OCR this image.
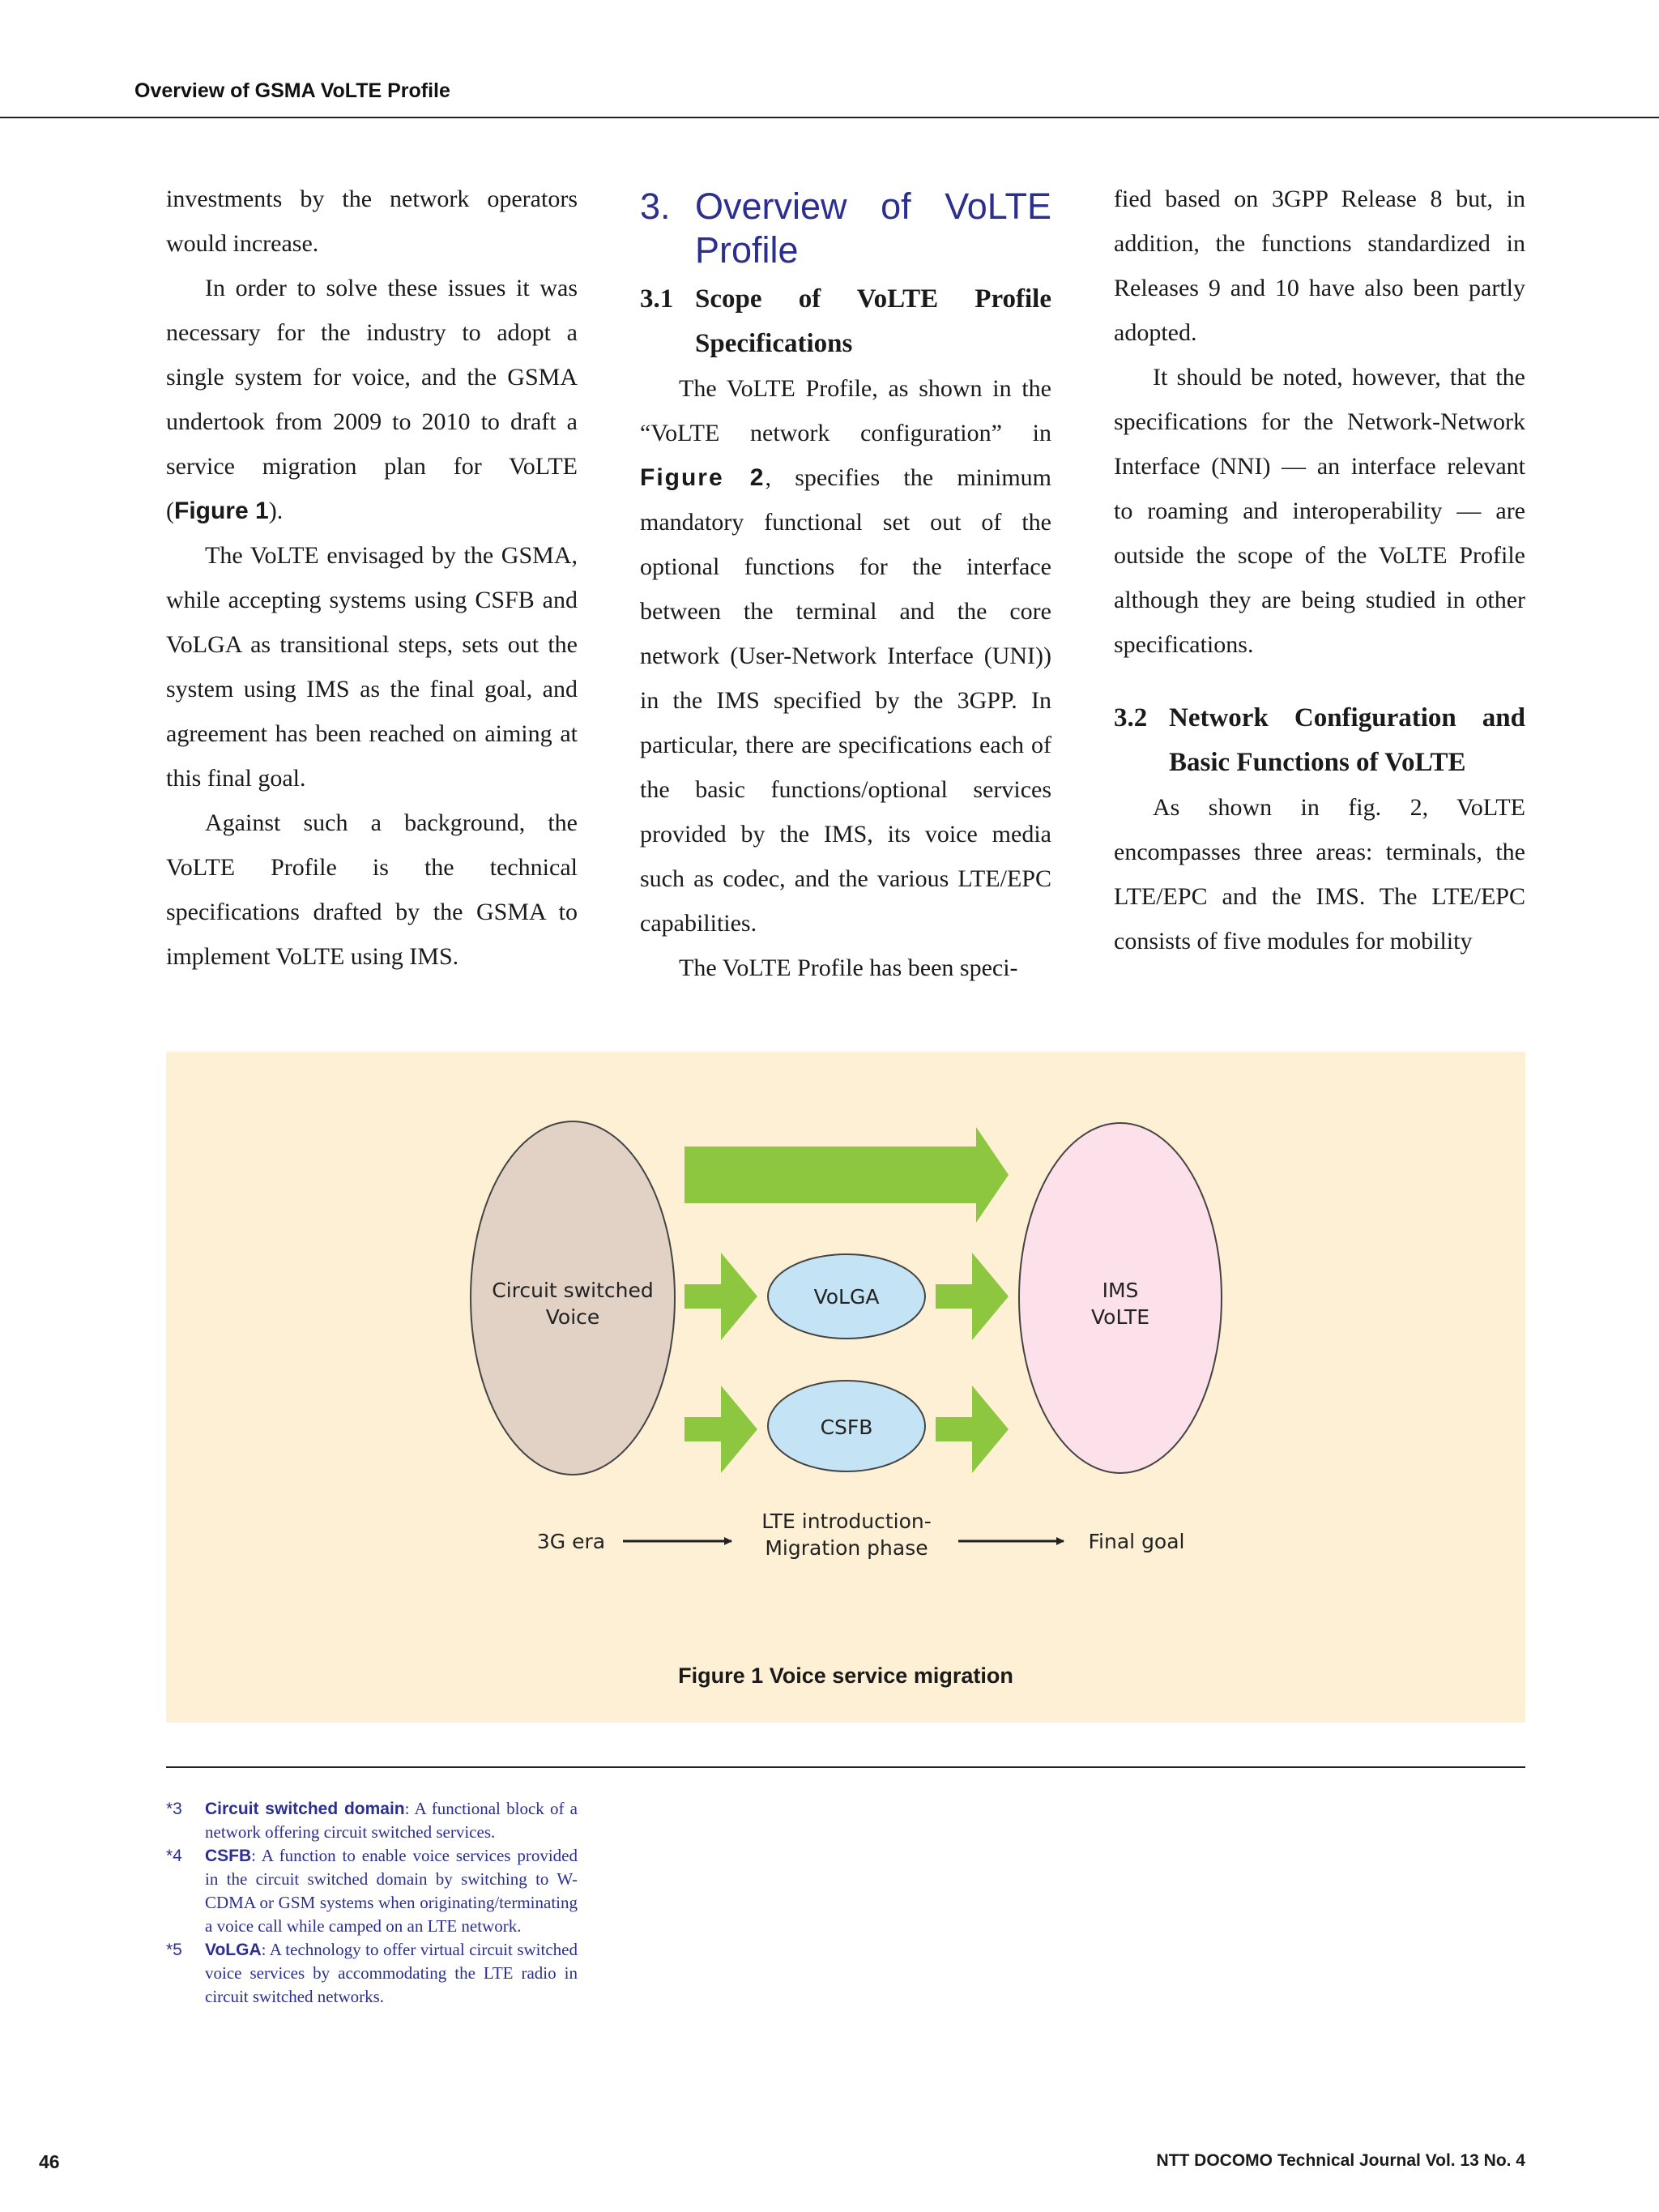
Overview of GSMA VoLTE Profile

investments by the network operators would increase.

In order to solve these issues it was necessary for the industry to adopt a single system for voice, and the GSMA undertook from 2009 to 2010 to draft a service migration plan for VoLTE (Figure 1).

The VoLTE envisaged by the GSMA, while accepting systems using CSFB and VoLGA as transitional steps, sets out the system using IMS as the final goal, and agreement has been reached on aiming at this final goal.

Against such a background, the VoLTE Profile is the technical specifications drafted by the GSMA to implement VoLTE using IMS.

3. Overview of VoLTE Profile
3.1 Scope of VoLTE Profile Specifications

The VoLTE Profile, as shown in the “VoLTE network configuration” in Figure 2, specifies the minimum mandatory functional set out of the optional functions for the interface between the terminal and the core network (User-Network Interface (UNI)) in the IMS specified by the 3GPP. In particular, there are specifications each of the basic functions/optional services provided by the IMS, its voice media such as codec, and the various LTE/EPC capabilities.

The VoLTE Profile has been speci-

fied based on 3GPP Release 8 but, in addition, the functions standardized in Releases 9 and 10 have also been partly adopted.

It should be noted, however, that the specifications for the Network-Network Interface (NNI) — an interface relevant to roaming and interoperability — are outside the scope of the VoLTE Profile although they are being studied in other specifications.

3.2 Network Configuration and Basic Functions of VoLTE

As shown in fig. 2, VoLTE encompasses three areas: terminals, the LTE/EPC and the IMS. The LTE/EPC consists of five modules for mobility

Circuit switched
Voice
VoLGA
CSFB
IMS
VoLTE
3G era
LTE introduction-
Migration phase	Final goal
Figure 1 Voice service migration
*3	Circuit switched domain: A functional block of a network offering circuit switched services.
*4	CSFB: A function to enable voice services provided in the circuit switched domain by switching to W-CDMA or GSM systems when originating/terminating a voice call while camped on an LTE network.
*5	VoLGA: A technology to offer virtual circuit switched voice services by accommodating the LTE radio in circuit switched networks.
46	NTT DOCOMO Technical Journal Vol. 13 No. 4
